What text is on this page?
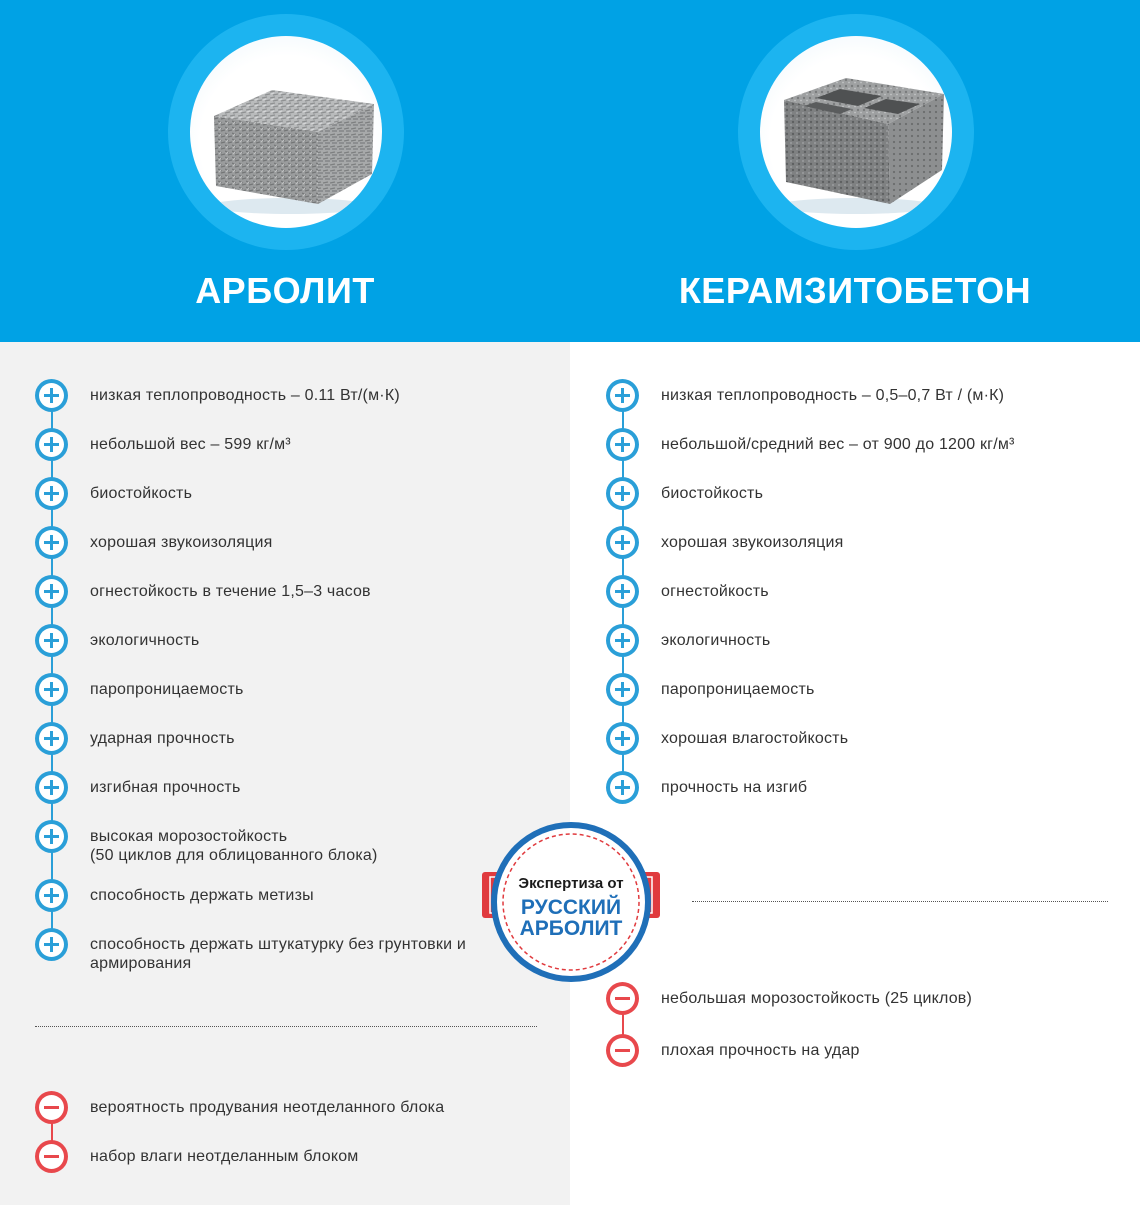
АРБОЛИТ	КЕРАМЗИТОБЕТОН
низкая теплопроводность – 0.11 Вт/(м·К)
небольшой вес – 599 кг/м³
биостойкость
хорошая звукоизоляция
огнестойкость в течение 1,5–3 часов
экологичность
паропроницаемость
ударная прочность
изгибная прочность
высокая морозостойкость
(50 циклов для облицованного блока)
способность держать метизы
способность держать штукатурку без грунтовки и армирования
вероятность продувания неотделанного блока
набор влаги неотделанным блоком
низкая теплопроводность – 0,5–0,7 Вт / (м·К)
небольшой/средний вес – от 900 до 1200 кг/м³
биостойкость
хорошая звукоизоляция
огнестойкость
экологичность
паропроницаемость
хорошая влагостойкость
прочность на изгиб
небольшая морозостойкость (25 циклов)
плохая прочность на удар
Экспертиза от
РУССКИЙ
АРБОЛИТ
